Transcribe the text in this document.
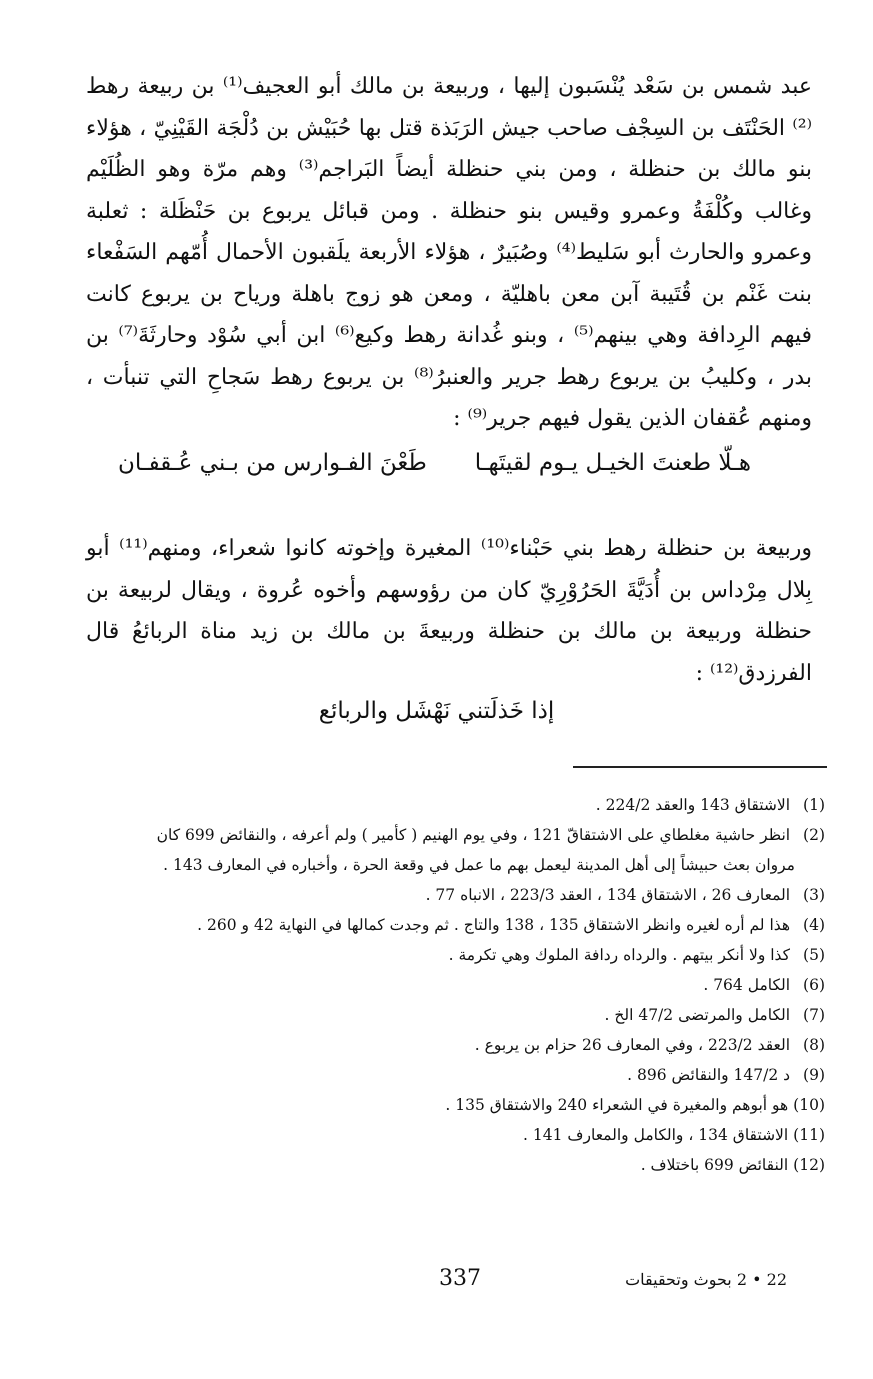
عبد شمس بن سَعْد يُنْسَبون إليها ، وربيعة بن مالك أبو العجيف⁽¹⁾ بن ربيعة رهط ⁽²⁾ الحَنْتَف بن السِجْف صاحب جيش الرَبَذة قتل بها حُبَيْش بن دُلْجَة القَيْنِيّ ، هؤلاء بنو مالك بن حنظلة ، ومن بني حنظلة أيضاً البَراجم⁽³⁾ وهم مرّة وهو الظُلَيْم وغالب وكُلْفَةُ وعمرو وقيس بنو حنظلة . ومن قبائل يربوع بن حَنْظَلة : ثعلبة وعمرو والحارث أبو سَليط⁽⁴⁾ وصُبَيرٌ ، هؤلاء الأربعة يلَقبون الأحمال أُمّهم السَفْعاء بنت غَنْم بن قُتَيبة آبن معن باهليّة ، ومعن هو زوج باهلة ورياح بن يربوع كانت فيهم الرِدافة وهي بينهم⁽⁵⁾ ، وبنو غُدانة رهط وكيع⁽⁶⁾ ابن أبي سُوْد وحارثَةَ⁽⁷⁾ بن بدر ، وكليبُ بن يربوع رهط جرير والعنبرُ⁽⁸⁾ بن يربوع رهط سَجاحِ التي تنبأت ، ومنهم عُقفان الذين يقول فيهم جرير⁽⁹⁾ :

هـلّا طعنتَ الخيـل يـوم لقيتَهـا
طَعْنَ الفـوارس من بـني عُـقفـان

وربيعة بن حنظلة رهط بني حَبْناء⁽¹⁰⁾ المغيرة وإخوته كانوا شعراء، ومنهم⁽¹¹⁾ أبو بِلال مِرْداس بن أُدَيَّةَ الحَرُوْرِيّ كان من رؤوسهم وأخوه عُروة ، ويقال لربيعة بن حنظلة وربيعة بن مالك بن حنظلة وربيعةَ بن مالك بن زيد مناة الربائعُ قال الفرزدق⁽¹²⁾ :

إذا خَذلَتني نَهْشَل والربائع
(1) الاشتقاق 143 والعقد 224/2 .
(2) انظر حاشية مغلطاي على الاشتقاقّ 121 ، وفي يوم الهنيم ( كأمير ) ولم أعرفه ، والنقائض 699 كان
مروان بعث حبيشاً إلى أهل المدينة ليعمل بهم ما عمل في وقعة الحرة ، وأخباره في المعارف 143 .
(3) المعارف 26 ، الاشتقاق 134 ، العقد 223/3 ، الانباه 77 .
(4) هذا لم أره لغيره وانظر الاشتقاق 135 ، 138 والتاج . ثم وجدت كمالها في النهاية 42 و 260 .
(5) كذا ولا أنكر بيتهم . والرداه ردافة الملوك وهي تكرمة .
(6) الكامل 764 .
(7) الكامل والمرتضى 47/2 الخ .
(8) العقد 223/2 ، وفي المعارف 26 حزام بن يربوع .
(9) د 147/2 والنقائض 896 .
(10) هو أبوهم والمغيرة في الشعراء 240 والاشتقاق 135 .
(11) الاشتقاق 134 ، والكامل والمعارف 141 .
(12) النقائض 699 باختلاف .
337	22 • 2 بحوث وتحقيقات
